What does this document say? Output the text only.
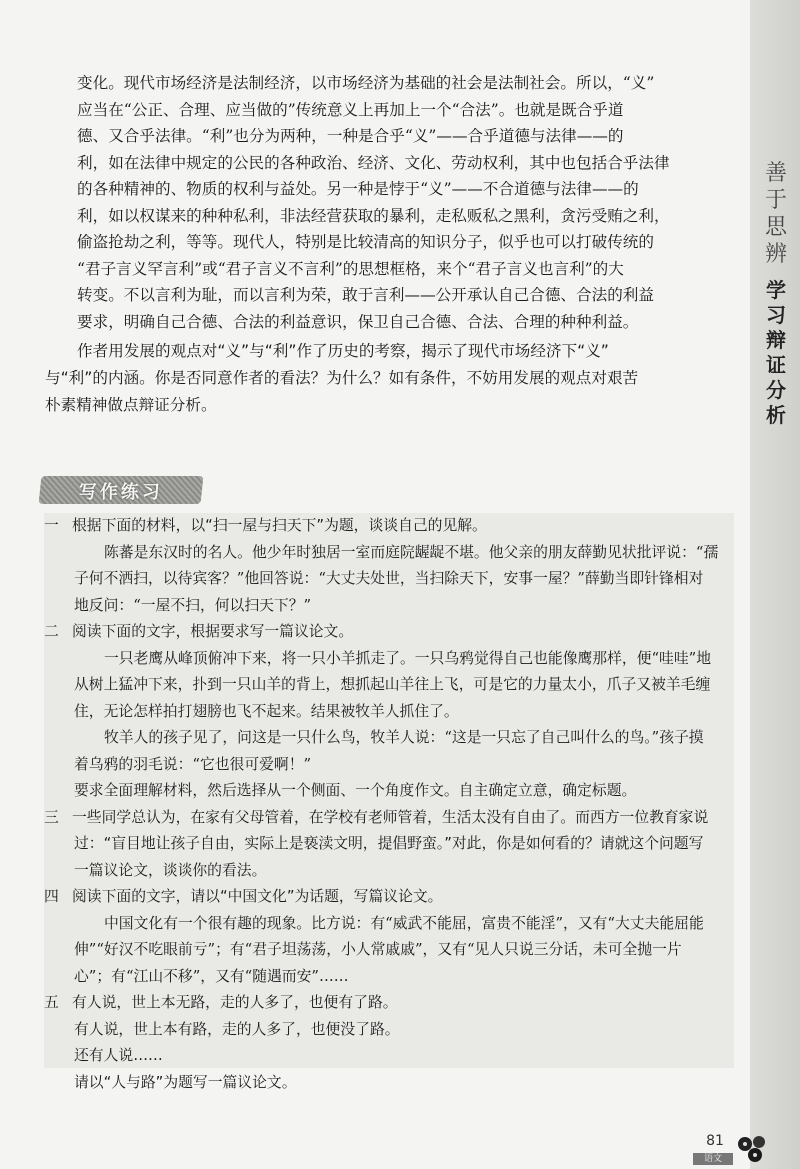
善
于
思
辨
学
习
辩
证
分
析
变化。现代市场经济是法制经济，以市场经济为基础的社会是法制社会。所以，“义”
应当在“公正、合理、应当做的”传统意义上再加上一个“合法”。也就是既合乎道
德、又合乎法律。“利”也分为两种，一种是合乎“义”——合乎道德与法律——的
利，如在法律中规定的公民的各种政治、经济、文化、劳动权利，其中也包括合乎法律
的各种精神的、物质的权利与益处。另一种是悖于“义”——不合道德与法律——的
利，如以权谋来的种种私利，非法经营获取的暴利，走私贩私之黑利，贪污受贿之利，
偷盗抢劫之利，等等。现代人，特别是比较清高的知识分子，似乎也可以打破传统的
“君子言义罕言利”或“君子言义不言利”的思想框格，来个“君子言义也言利”的大
转变。不以言利为耻，而以言利为荣，敢于言利——公开承认自己合德、合法的利益
要求，明确自己合德、合法的利益意识，保卫自己合德、合法、合理的种种利益。
作者用发展的观点对“义”与“利”作了历史的考察，揭示了现代市场经济下“义”
与“利”的内涵。你是否同意作者的看法？为什么？如有条件，不妨用发展的观点对艰苦
朴素精神做点辩证分析。
写作练习
一 根据下面的材料，以“扫一屋与扫天下”为题，谈谈自己的见解。
陈蕃是东汉时的名人。他少年时独居一室而庭院龌龊不堪。他父亲的朋友薛勤见状批评说：“孺
子何不洒扫，以待宾客？”他回答说：“大丈夫处世，当扫除天下，安事一屋？”薛勤当即针锋相对
地反问：“一屋不扫，何以扫天下？”
二 阅读下面的文字，根据要求写一篇议论文。
一只老鹰从峰顶俯冲下来，将一只小羊抓走了。一只乌鸦觉得自己也能像鹰那样，便“哇哇”地
从树上猛冲下来，扑到一只山羊的背上，想抓起山羊往上飞，可是它的力量太小，爪子又被羊毛缠
住，无论怎样拍打翅膀也飞不起来。结果被牧羊人抓住了。
牧羊人的孩子见了，问这是一只什么鸟，牧羊人说：“这是一只忘了自己叫什么的鸟。”孩子摸
着乌鸦的羽毛说：“它也很可爱啊！”
要求全面理解材料，然后选择从一个侧面、一个角度作文。自主确定立意，确定标题。
三 一些同学总认为，在家有父母管着，在学校有老师管着，生活太没有自由了。而西方一位教育家说
过：“盲目地让孩子自由，实际上是亵渎文明，提倡野蛮。”对此，你是如何看的？请就这个问题写
一篇议论文，谈谈你的看法。
四 阅读下面的文字，请以“中国文化”为话题，写篇议论文。
中国文化有一个很有趣的现象。比方说：有“威武不能屈，富贵不能淫”，又有“大丈夫能屈能
伸”“好汉不吃眼前亏”；有“君子坦荡荡，小人常戚戚”，又有“见人只说三分话，未可全抛一片
心”；有“江山不移”，又有“随遇而安”……
五 有人说，世上本无路，走的人多了，也便有了路。
有人说，世上本有路，走的人多了，也便没了路。
还有人说……
请以“人与路”为题写一篇议论文。
81
语文
